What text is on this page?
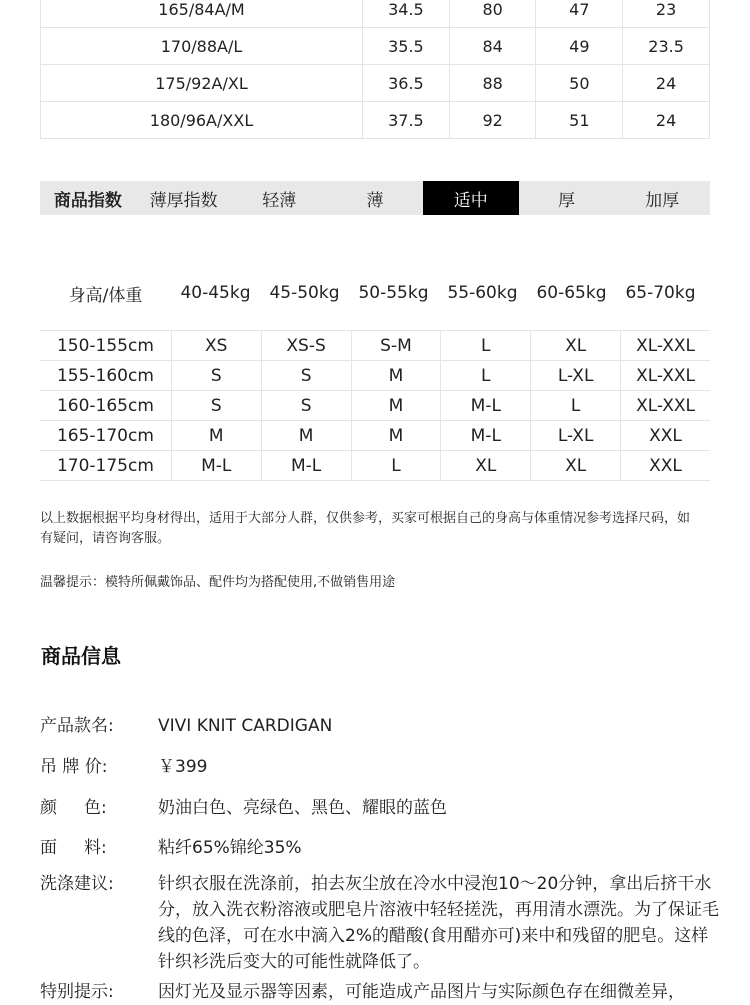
165/84A/M	34.5	80	47	23
170/88A/L	35.5	84	49	23.5
175/92A/XL	36.5	88	50	24
180/96A/XXL	37.5	92	51	24
商品指数	薄厚指数	轻薄	薄	适中	厚	加厚
身高/体重	40-45kg	45-50kg	50-55kg	55-60kg	60-65kg	65-70kg
150-155cm	XS	XS-S	S-M	L	XL	XL-XXL
155-160cm	S	S	M	L	L-XL	XL-XXL
160-165cm	S	S	M	M-L	L	XL-XXL
165-170cm	M	M	M	M-L	L-XL	XXL
170-175cm	M-L	M-L	L	XL	XL	XXL
以上数据根据平均身材得出，适用于大部分人群，仅供参考，买家可根据自己的身高与体重情况参考选择尺码，如有疑问，请咨询客服。
温馨提示：模特所佩戴饰品、配件均为搭配使用,不做销售用途
商品信息
产品款名:	VIVI KNIT CARDIGAN
吊 牌 价:	￥399
颜     色:	奶油白色、亮绿色、黑色、耀眼的蓝色
面     料:	粘纤65%锦纶35%
洗涤建议:	针织衣服在洗涤前，拍去灰尘放在冷水中浸泡10～20分钟，拿出后挤干水分，放入洗衣粉溶液或肥皂片溶液中轻轻搓洗，再用清水漂洗。为了保证毛线的色泽，可在水中滴入2%的醋酸(食用醋亦可)来中和残留的肥皂。这样针织衫洗后变大的可能性就降低了。
特别提示:	因灯光及显示器等因素，可能造成产品图片与实际颜色存在细微差异，
